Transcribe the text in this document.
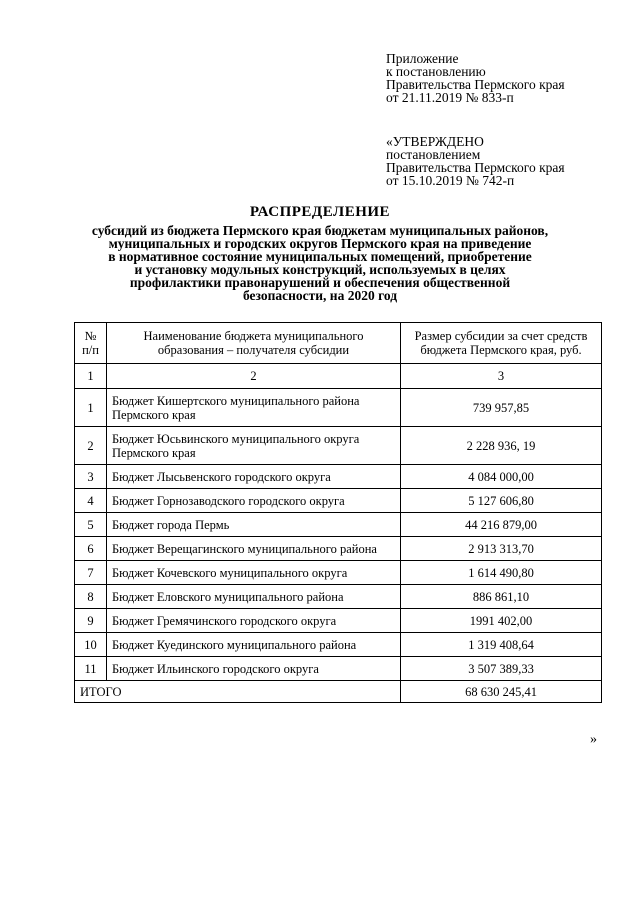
Приложение
к постановлению
Правительства Пермского края
от 21.11.2019 № 833-п
«УТВЕРЖДЕНО
постановлением
Правительства Пермского края
от 15.10.2019 № 742-п
РАСПРЕДЕЛЕНИЕ
субсидий из бюджета Пермского края бюджетам муниципальных районов,
муниципальных и городских округов Пермского края на приведение
в нормативное состояние муниципальных помещений, приобретение
и установку модульных конструкций, используемых в целях
профилактики правонарушений и обеспечения общественной
безопасности, на 2020 год
№ п/п	Наименование бюджета муниципального образования – получателя субсидии	Размер субсидии за счет средств бюджета Пермского края, руб.
1	2	3
1	Бюджет Кишертского муниципального района Пермского края	739 957,85
2	Бюджет Юсьвинского муниципального округа Пермского края	2 228 936, 19
3	Бюджет Лысьвенского городского округа	4 084 000,00
4	Бюджет Горнозаводского городского округа	5 127 606,80
5	Бюджет города Пермь	44 216 879,00
6	Бюджет Верещагинского муниципального района	2 913 313,70
7	Бюджет Кочевского муниципального округа	1 614 490,80
8	Бюджет Еловского муниципального района	886 861,10
9	Бюджет Гремячинского городского округа	1991 402,00
10	Бюджет Куединского муниципального района	1 319 408,64
11	Бюджет Ильинского городского округа	3 507 389,33
ИТОГО		68 630 245,41
»
